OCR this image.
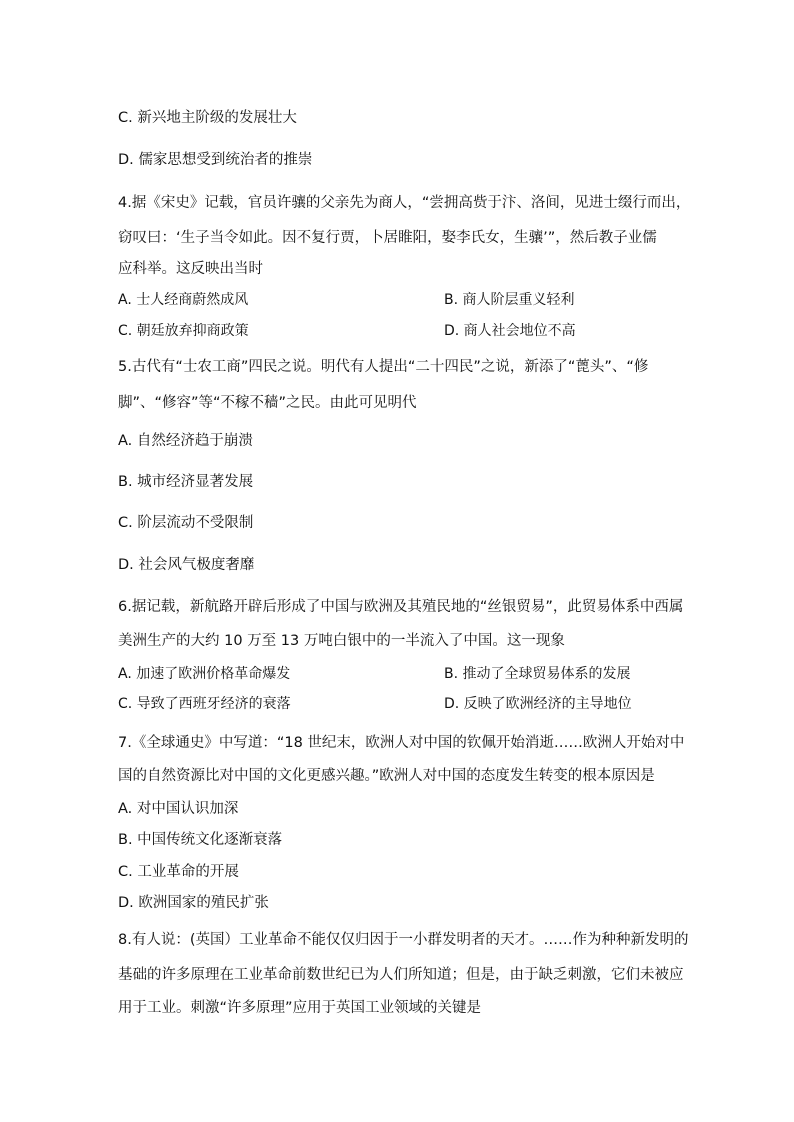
C. 新兴地主阶级的发展壮大

D. 儒家思想受到统治者的推崇

4.据《宋史》记载，官员许骧的父亲先为商人，“尝拥高赀于汴、洛间，见进士缀行而出，

窃叹曰：‘生子当令如此。因不复行贾，卜居睢阳，娶李氏女，生骧’”，然后教子业儒

应科举。这反映出当时

A. 士人经商蔚然成风	B. 商人阶层重义轻利
C. 朝廷放弃抑商政策	D. 商人社会地位不高

5.古代有“士农工商”四民之说。明代有人提出“二十四民”之说，新添了“蓖头”、“修

脚”、“修容”等“不稼不穑”之民。由此可见明代

A. 自然经济趋于崩溃

B. 城市经济显著发展

C. 阶层流动不受限制

D. 社会风气极度奢靡

6.据记载，新航路开辟后形成了中国与欧洲及其殖民地的“丝银贸易”，此贸易体系中西属

美洲生产的大约 10 万至 13 万吨白银中的一半流入了中国。这一现象

A. 加速了欧洲价格革命爆发	B. 推动了全球贸易体系的发展
C. 导致了西班牙经济的衰落	D. 反映了欧洲经济的主导地位

7.《全球通史》中写道：“18 世纪末，欧洲人对中国的钦佩开始消逝……欧洲人开始对中

国的自然资源比对中国的文化更感兴趣。”欧洲人对中国的态度发生转变的根本原因是

A. 对中国认识加深

B. 中国传统文化逐渐衰落

C. 工业革命的开展

D. 欧洲国家的殖民扩张

8.有人说：(英国）工业革命不能仅仅归因于一小群发明者的天才。……作为种种新发明的

基础的许多原理在工业革命前数世纪已为人们所知道；但是，由于缺乏刺激，它们未被应

用于工业。刺激“许多原理”应用于英国工业领域的关键是
